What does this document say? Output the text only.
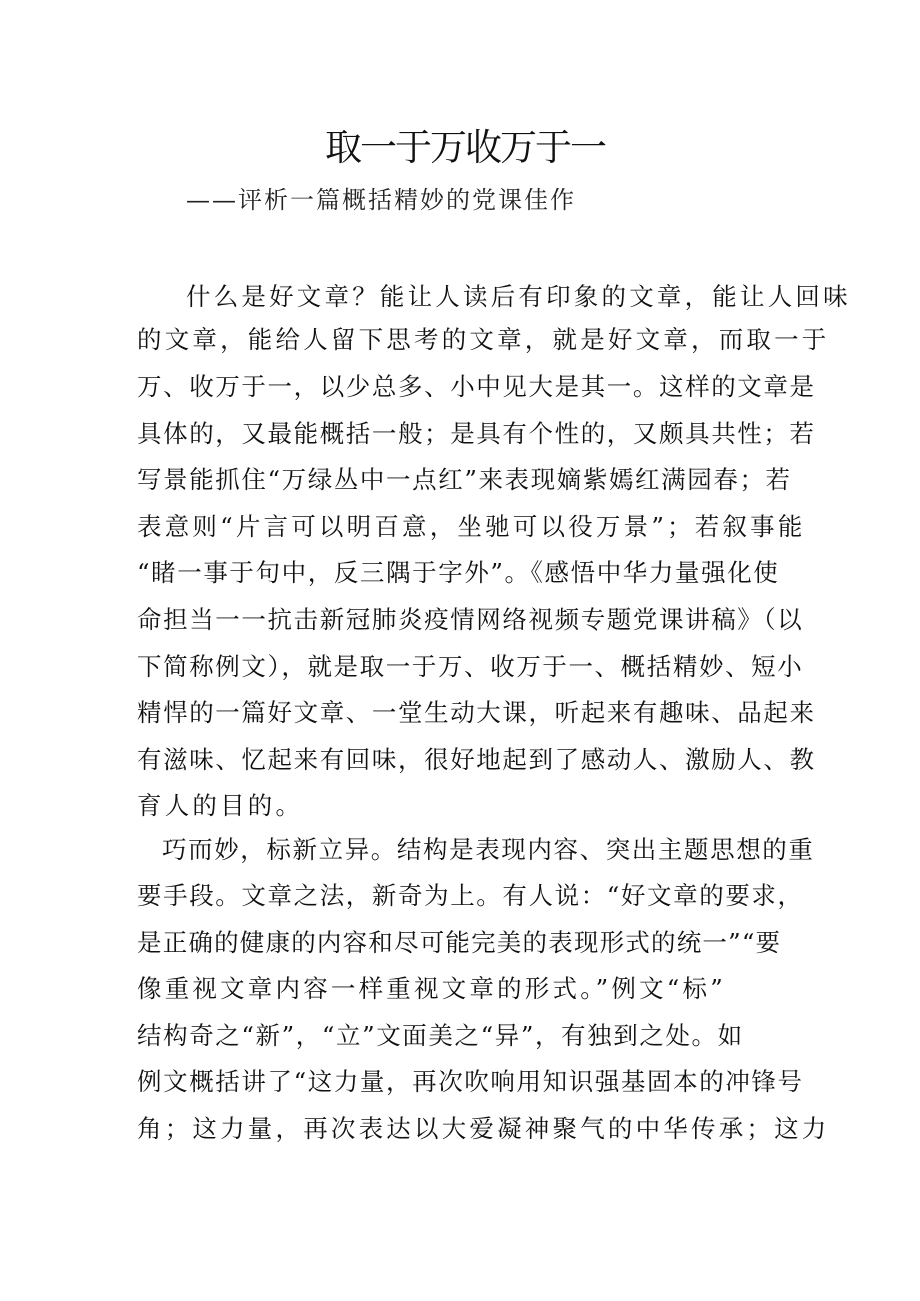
取一于万收万于一
——评析一篇概括精妙的党课佳作
什么是好文章？能让人读后有印象的文章，能让人回味
的文章，能给人留下思考的文章，就是好文章，而取一于
万、收万于一，以少总多、小中见大是其一。这样的文章是
具体的，又最能概括一般；是具有个性的，又颇具共性；若
写景能抓住“万绿丛中一点红”来表现嫡紫嫣红满园春；若
表意则“片言可以明百意，坐驰可以役万景”；若叙事能
“睹一事于句中，反三隅于字外”。《感悟中华力量强化使
命担当一一抗击新冠肺炎疫情网络视频专题党课讲稿》（以
下简称例文），就是取一于万、收万于一、概括精妙、短小
精悍的一篇好文章、一堂生动大课，听起来有趣味、品起来
有滋味、忆起来有回味，很好地起到了感动人、激励人、教
育人的目的。
巧而妙，标新立异。结构是表现内容、突出主题思想的重
要手段。文章之法，新奇为上。有人说：“好文章的要求，
是正确的健康的内容和尽可能完美的表现形式的统一”“要
像重视文章内容一样重视文章的形式。”例文“标”
结构奇之“新”，“立”文面美之“异”，有独到之处。如
例文概括讲了“这力量，再次吹响用知识强基固本的冲锋号
角；这力量，再次表达以大爱凝神聚气的中华传承；这力
